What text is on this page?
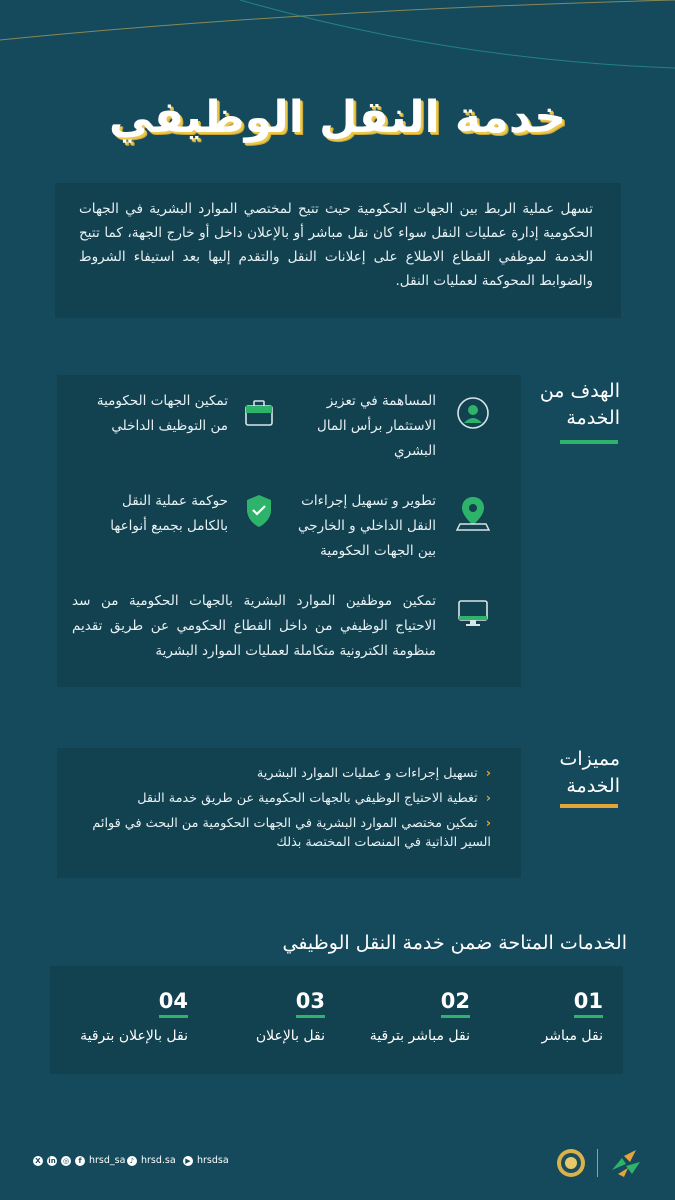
خدمة النقل الوظيفي

تسهل عملية الربط بين الجهات الحكومية حيث تتيح لمختصي الموارد البشرية في الجهات الحكومية إدارة عمليات النقل سواء كان نقل مباشر أو بالإعلان داخل أو خارج الجهة، كما تتيح الخدمة لموظفي القطاع الاطلاع على إعلانات النقل والتقدم إليها بعد استيفاء الشروط والضوابط المحوكمة لعمليات النقل.

الهدف من الخدمة
المساهمة في تعزيز الاستثمار برأس المال البشري
تمكين الجهات الحكومية من التوظيف الداخلي
تطوير و تسهيل إجراءات النقل الداخلي و الخارجي بين الجهات الحكومية
حوكمة عملية النقل بالكامل بجميع أنواعها
تمكين موظفين الموارد البشرية بالجهات الحكومية من سد الاحتياج الوظيفي من داخل القطاع الحكومي عن طريق تقديم منظومة الكترونية متكاملة لعمليات الموارد البشرية
مميزات الخدمة
‹تسهيل إجراءات و عمليات الموارد البشرية
‹تغطية الاحتياج الوظيفي بالجهات الحكومية عن طريق خدمة النقل
‹تمكين مختصي الموارد البشرية في الجهات الحكومية من البحث في قوائم السير الذاتية في المنصات المختصة بذلك
الخدمات المتاحة ضمن خدمة النقل الوظيفي
01
نقل مباشر
02
نقل مباشر بترقية
03
نقل بالإعلان
04
نقل بالإعلان بترقية
▶ hrsdsa
♪ hrsd.sa
X	in ◎	f hrsd_sa
